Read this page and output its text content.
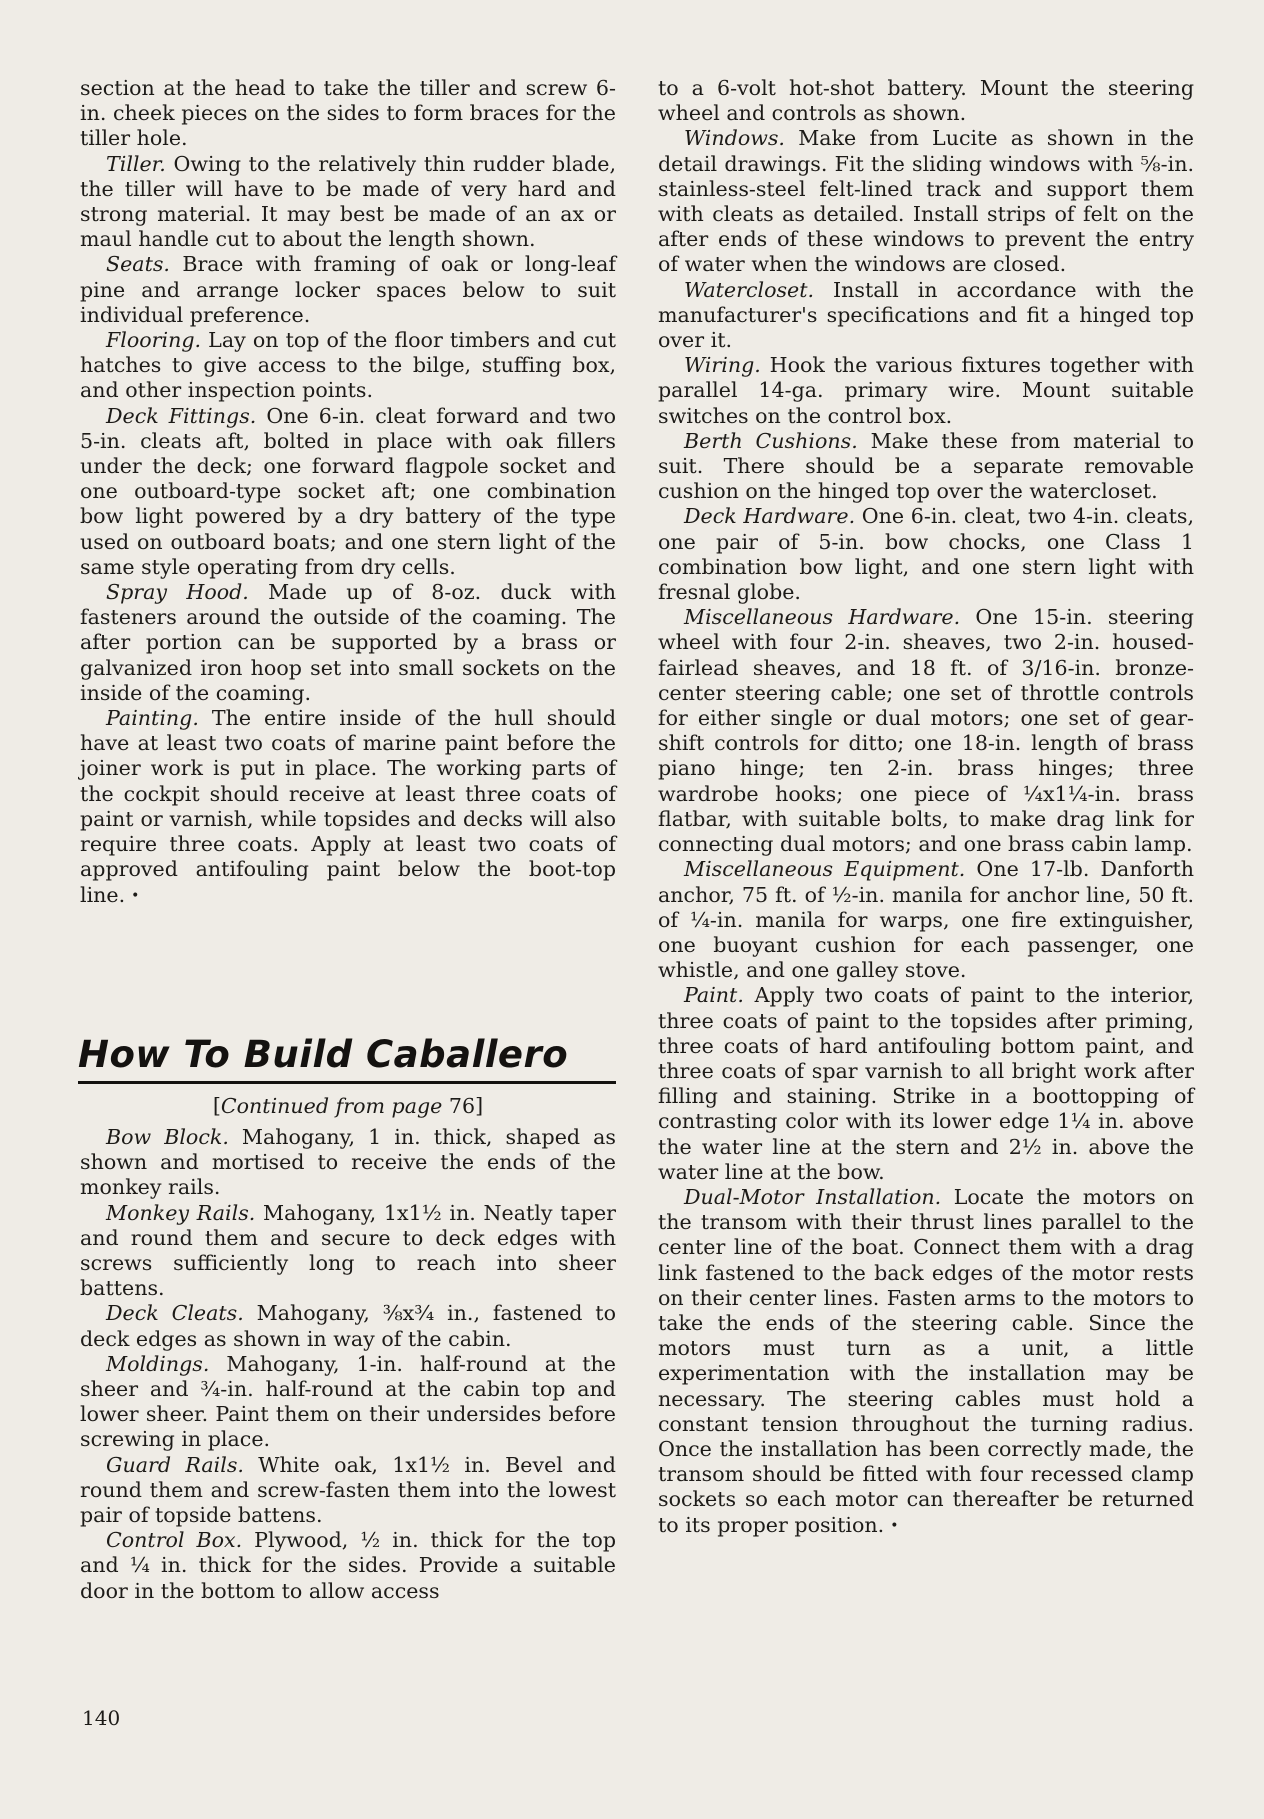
section at the head to take the tiller and screw 6-in. cheek pieces on the sides to form braces for the tiller hole.

Tiller. Owing to the relatively thin rudder blade, the tiller will have to be made of very hard and strong material. It may best be made of an ax or maul handle cut to about the length shown.

Seats. Brace with framing of oak or long-leaf pine and arrange locker spaces below to suit individual preference.

Flooring. Lay on top of the floor timbers and cut hatches to give access to the bilge, stuffing box, and other inspection points.

Deck Fittings. One 6-in. cleat forward and two 5-in. cleats aft, bolted in place with oak fillers under the deck; one forward flagpole socket and one outboard-type socket aft; one combination bow light powered by a dry battery of the type used on outboard boats; and one stern light of the same style operating from dry cells.

Spray Hood. Made up of 8-oz. duck with fasteners around the outside of the coaming. The after portion can be supported by a brass or galvanized iron hoop set into small sockets on the inside of the coaming.

Painting. The entire inside of the hull should have at least two coats of marine paint before the joiner work is put in place. The working parts of the cockpit should receive at least three coats of paint or varnish, while topsides and decks will also require three coats. Apply at least two coats of approved antifouling paint below the boot-top line. •

How To Build Caballero

[Continued from page 76]

Bow Block. Mahogany, 1 in. thick, shaped as shown and mortised to receive the ends of the monkey rails.

Monkey Rails. Mahogany, 1x1½ in. Neatly taper and round them and secure to deck edges with screws sufficiently long to reach into sheer battens.

Deck Cleats. Mahogany, ⅜x¾ in., fastened to deck edges as shown in way of the cabin.

Moldings. Mahogany, 1-in. half-round at the sheer and ¾-in. half-round at the cabin top and lower sheer. Paint them on their undersides before screwing in place.

Guard Rails. White oak, 1x1½ in. Bevel and round them and screw-fasten them into the lowest pair of topside battens.

Control Box. Plywood, ½ in. thick for the top and ¼ in. thick for the sides. Provide a suitable door in the bottom to allow access

to a 6-volt hot-shot battery. Mount the steering wheel and controls as shown.

Windows. Make from Lucite as shown in the detail drawings. Fit the sliding windows with ⅝-in. stainless-steel felt-lined track and support them with cleats as detailed. Install strips of felt on the after ends of these windows to prevent the entry of water when the windows are closed.

Watercloset. Install in accordance with the manufacturer's specifications and fit a hinged top over it.

Wiring. Hook the various fixtures together with parallel 14-ga. primary wire. Mount suitable switches on the control box.

Berth Cushions. Make these from material to suit. There should be a separate removable cushion on the hinged top over the watercloset.

Deck Hardware. One 6-in. cleat, two 4-in. cleats, one pair of 5-in. bow chocks, one Class 1 combination bow light, and one stern light with fresnal globe.

Miscellaneous Hardware. One 15-in. steering wheel with four 2-in. sheaves, two 2-in. housed-fairlead sheaves, and 18 ft. of 3/16-in. bronze-center steering cable; one set of throttle controls for either single or dual motors; one set of gear-shift controls for ditto; one 18-in. length of brass piano hinge; ten 2-in. brass hinges; three wardrobe hooks; one piece of ¼x1¼-in. brass flatbar, with suitable bolts, to make drag link for connecting dual motors; and one brass cabin lamp.

Miscellaneous Equipment. One 17-lb. Danforth anchor, 75 ft. of ½-in. manila for anchor line, 50 ft. of ¼-in. manila for warps, one fire extinguisher, one buoyant cushion for each passenger, one whistle, and one galley stove.

Paint. Apply two coats of paint to the interior, three coats of paint to the topsides after priming, three coats of hard antifouling bottom paint, and three coats of spar varnish to all bright work after filling and staining. Strike in a boottopping of contrasting color with its lower edge 1¼ in. above the water line at the stern and 2½ in. above the water line at the bow.

Dual-Motor Installation. Locate the motors on the transom with their thrust lines parallel to the center line of the boat. Connect them with a drag link fastened to the back edges of the motor rests on their center lines. Fasten arms to the motors to take the ends of the steering cable. Since the motors must turn as a unit, a little experimentation with the installation may be necessary. The steering cables must hold a constant tension throughout the turning radius. Once the installation has been correctly made, the transom should be fitted with four recessed clamp sockets so each motor can thereafter be returned to its proper position. •

140
